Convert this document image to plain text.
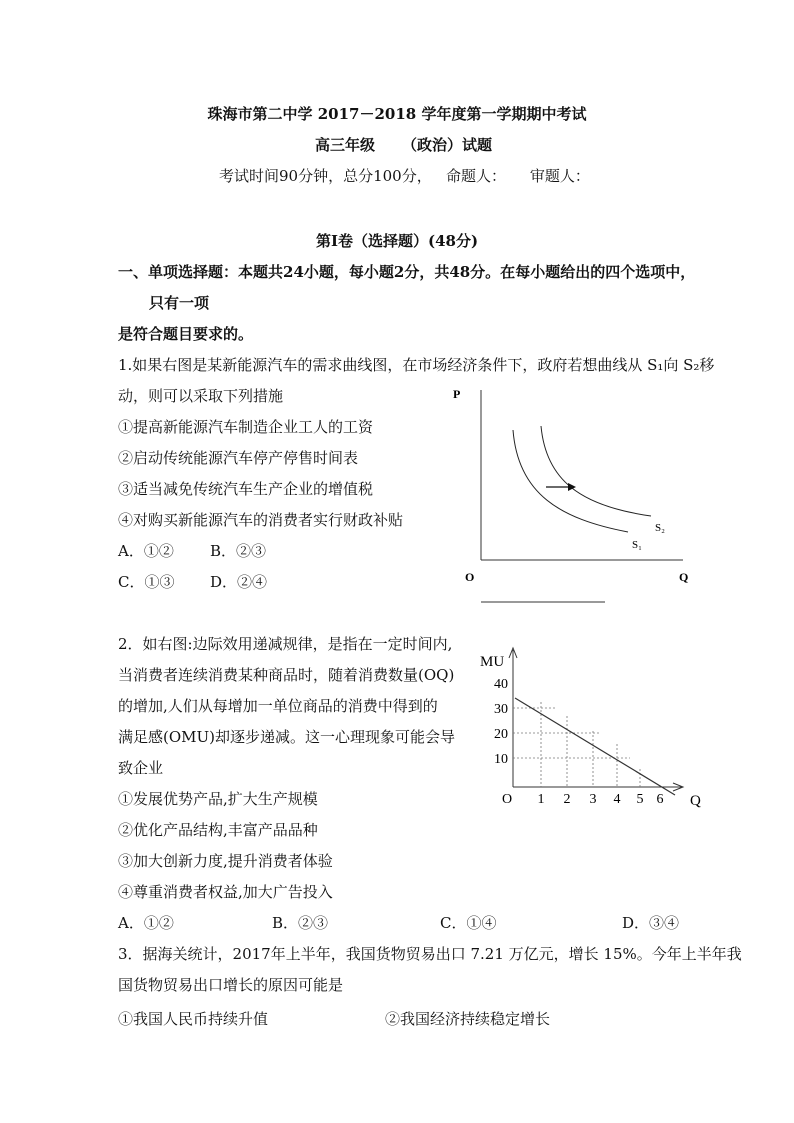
珠海市第二中学 2017－2018 学年度第一学期期中考试
高三年级 （政治）试题
考试时间90分钟，总分100分，   命题人：     审题人：
第Ⅰ卷（选择题）(48分)
一、单项选择题：本题共24小题，每小题2分，共48分。在每小题给出的四个选项中，
只有一项
是符合题目要求的。
1.如果右图是某新能源汽车的需求曲线图，在市场经济条件下，政府若想曲线从 S₁向 S₂移
动，则可以采取下列措施
①提高新能源汽车制造企业工人的工资
②启动传统能源汽车停产停售时间表
③适当减免传统汽车生产企业的增值税
④对购买新能源汽车的消费者实行财政补贴
A．①② B．②③
C．①③ D．②④
P
O	Q
S₁
S₂
2．如右图:边际效用递减规律，是指在一定时间内,
当消费者连续消费某种商品时，随着消费数量(OQ)
的增加,人们从每增加一单位商品的消费中得到的
满足感(OMU)却逐步递减。这一心理现象可能会导
致企业
①发展优势产品,扩大生产规模
②优化产品结构,丰富产品品种
③加大创新力度,提升消费者体验
④尊重消费者权益,加大广告投入
A．①②	B．②③	C．①④	D．③④
MU
O	Q
10
20
30
40
1 2 3 4 5 6
3．据海关统计，2017年上半年，我国货物贸易出口 7.21 万亿元，增长 15%。今年上半年我
国货物贸易出口增长的原因可能是
①我国人民币持续升值	②我国经济持续稳定增长
